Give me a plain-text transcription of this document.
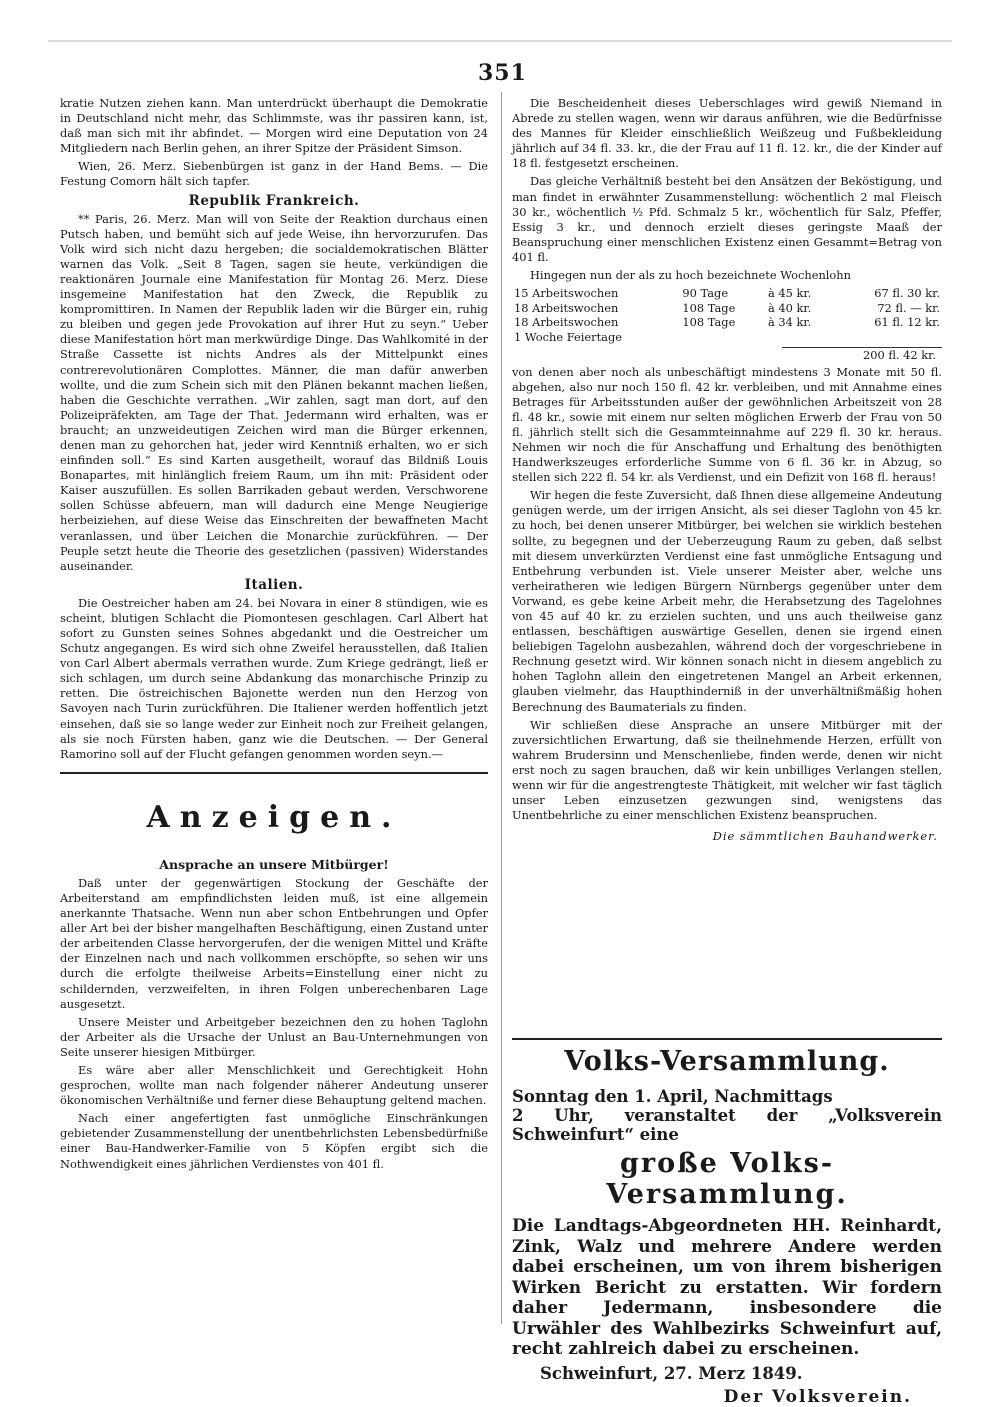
351

kratie Nutzen ziehen kann. Man unterdrückt überhaupt die Demokratie in Deutschland nicht mehr, das Schlimmste, was ihr passiren kann, ist, daß man sich mit ihr abfindet. — Morgen wird eine Deputation von 24 Mitgliedern nach Berlin gehen, an ihrer Spitze der Präsident Simson.

Wien, 26. Merz. Siebenbürgen ist ganz in der Hand Bems. — Die Festung Comorn hält sich tapfer.

Republik Frankreich.

** Paris, 26. Merz. Man will von Seite der Reaktion durchaus einen Putsch haben, und bemüht sich auf jede Weise, ihn hervorzurufen. Das Volk wird sich nicht dazu hergeben; die socialdemokratischen Blätter warnen das Volk. „Seit 8 Tagen, sagen sie heute, verkündigen die reaktionären Journale eine Manifestation für Montag 26. Merz. Diese insgemeine Manifestation hat den Zweck, die Republik zu kompromittiren. In Namen der Republik laden wir die Bürger ein, ruhig zu bleiben und gegen jede Provokation auf ihrer Hut zu seyn.“ Ueber diese Manifestation hört man merkwürdige Dinge. Das Wahlkomité in der Straße Cassette ist nichts Andres als der Mittelpunkt eines contrerevolutionären Complottes. Männer, die man dafür anwerben wollte, und die zum Schein sich mit den Plänen bekannt machen ließen, haben die Geschichte verrathen. „Wir zahlen, sagt man dort, auf den Polizeipräfekten, am Tage der That. Jedermann wird erhalten, was er braucht; an unzweideutigen Zeichen wird man die Bürger erkennen, denen man zu gehorchen hat, jeder wird Kenntniß erhalten, wo er sich einfinden soll.“ Es sind Karten ausgetheilt, worauf das Bildniß Louis Bonapartes, mit hinlänglich freiem Raum, um ihn mit: Präsident oder Kaiser auszufüllen. Es sollen Barrikaden gebaut werden, Verschworene sollen Schüsse abfeuern, man will dadurch eine Menge Neugierige herbeiziehen, auf diese Weise das Einschreiten der bewaffneten Macht veranlassen, und über Leichen die Monarchie zurückführen. — Der Peuple setzt heute die Theorie des gesetzlichen (passiven) Widerstandes auseinander.

Italien.

Die Oestreicher haben am 24. bei Novara in einer 8 stündigen, wie es scheint, blutigen Schlacht die Piomontesen geschlagen. Carl Albert hat sofort zu Gunsten seines Sohnes abgedankt und die Oestreicher um Schutz angegangen. Es wird sich ohne Zweifel herausstellen, daß Italien von Carl Albert abermals verrathen wurde. Zum Kriege gedrängt, ließ er sich schlagen, um durch seine Abdankung das monarchische Prinzip zu retten. Die östreichischen Bajonette werden nun den Herzog von Savoyen nach Turin zurückführen. Die Italiener werden hoffentlich jetzt einsehen, daß sie so lange weder zur Einheit noch zur Freiheit gelangen, als sie noch Fürsten haben, ganz wie die Deutschen. — Der General Ramorino soll auf der Flucht gefangen genommen worden seyn.—

Anzeigen.
Ansprache an unsere Mitbürger!

Daß unter der gegenwärtigen Stockung der Geschäfte der Arbeiterstand am empfindlichsten leiden muß, ist eine allgemein anerkannte Thatsache. Wenn nun aber schon Entbehrungen und Opfer aller Art bei der bisher mangelhaften Beschäftigung, einen Zustand unter der arbeitenden Classe hervorgerufen, der die wenigen Mittel und Kräfte der Einzelnen nach und nach vollkommen erschöpfte, so sehen wir uns durch die erfolgte theilweise Arbeits=Einstellung einer nicht zu schildernden, verzweifelten, in ihren Folgen unberechenbaren Lage ausgesetzt.

Unsere Meister und Arbeitgeber bezeichnen den zu hohen Taglohn der Arbeiter als die Ursache der Unlust an Bau-Unternehmungen von Seite unserer hiesigen Mitbürger.

Es wäre aber aller Menschlichkeit und Gerechtigkeit Hohn gesprochen, wollte man nach folgender näherer Andeutung unserer ökonomischen Verhältniße und ferner diese Behauptung geltend machen.

Nach einer angefertigten fast unmögliche Einschränkungen gebietender Zusammenstellung der unentbehrlichsten Lebensbedürfniße einer Bau-Handwerker-Familie von 5 Köpfen ergibt sich die Nothwendigkeit eines jährlichen Verdienstes von 401 fl.

Die Bescheidenheit dieses Ueberschlages wird gewiß Niemand in Abrede zu stellen wagen, wenn wir daraus anführen, wie die Bedürfnisse des Mannes für Kleider einschließlich Weißzeug und Fußbekleidung jährlich auf 34 fl. 33. kr., die der Frau auf 11 fl. 12. kr., die der Kinder auf 18 fl. festgesetzt erscheinen.

Das gleiche Verhältniß besteht bei den Ansätzen der Beköstigung, und man findet in erwähnter Zusammenstellung: wöchentlich 2 mal Fleisch 30 kr., wöchentlich ½ Pfd. Schmalz 5 kr., wöchentlich für Salz, Pfeffer, Essig 3 kr., und dennoch erzielt dieses geringste Maaß der Beanspruchung einer menschlichen Existenz einen Gesammt=Betrag von 401 fl.

Hingegen nun der als zu hoch bezeichnete Wochenlohn

15 Arbeitswochen	90 Tage	à 45 kr.	67 fl. 30 kr.
18 Arbeitswochen	108 Tage	à 40 kr.	72 fl. — kr.
18 Arbeitswochen	108 Tage	à 34 kr.	61 fl. 12 kr.
1 Woche Feiertage			
200 fl. 42 kr.

von denen aber noch als unbeschäftigt mindestens 3 Monate mit 50 fl. abgehen, also nur noch 150 fl. 42 kr. verbleiben, und mit Annahme eines Betrages für Arbeitsstunden außer der gewöhnlichen Arbeitszeit von 28 fl. 48 kr., sowie mit einem nur selten möglichen Erwerb der Frau von 50 fl. jährlich stellt sich die Gesammteinnahme auf 229 fl. 30 kr. heraus. Nehmen wir noch die für Anschaffung und Erhaltung des benöthigten Handwerkszeuges erforderliche Summe von 6 fl. 36 kr. in Abzug, so stellen sich 222 fl. 54 kr. als Verdienst, und ein Defizit von 168 fl. heraus!

Wir hegen die feste Zuversicht, daß Ihnen diese allgemeine Andeutung genügen werde, um der irrigen Ansicht, als sei dieser Taglohn von 45 kr. zu hoch, bei denen unserer Mitbürger, bei welchen sie wirklich bestehen sollte, zu begegnen und der Ueberzeugung Raum zu geben, daß selbst mit diesem unverkürzten Verdienst eine fast unmögliche Entsagung und Entbehrung verbunden ist. Viele unserer Meister aber, welche uns verheiratheren wie ledigen Bürgern Nürnbergs gegenüber unter dem Vorwand, es gebe keine Arbeit mehr, die Herabsetzung des Tagelohnes von 45 auf 40 kr. zu erzielen suchten, und uns auch theilweise ganz entlassen, beschäftigen auswärtige Gesellen, denen sie irgend einen beliebigen Tagelohn ausbezahlen, während doch der vorgeschriebene in Rechnung gesetzt wird. Wir können sonach nicht in diesem angeblich zu hohen Taglohn allein den eingetretenen Mangel an Arbeit erkennen, glauben vielmehr, das Haupthinderniß in der unverhältnißmäßig hohen Berechnung des Baumaterials zu finden.

Wir schließen diese Ansprache an unsere Mitbürger mit der zuversichtlichen Erwartung, daß sie theilnehmende Herzen, erfüllt von wahrem Brudersinn und Menschenliebe, finden werde, denen wir nicht erst noch zu sagen brauchen, daß wir kein unbilliges Verlangen stellen, wenn wir für die angestrengteste Thätigkeit, mit welcher wir fast täglich unser Leben einzusetzen gezwungen sind, wenigstens das Unentbehrliche zu einer menschlichen Existenz beanspruchen.

Die sämmtlichen Bauhandwerker.
Volks-Versammlung.

Sonntag den 1. April, Nachmittags

2 Uhr, veranstaltet der „Volksverein Schweinfurt“ eine

große Volks-Versammlung.

Die Landtags-Abgeordneten HH. Reinhardt, Zink, Walz und mehrere Andere werden dabei erscheinen, um von ihrem bisherigen Wirken Bericht zu erstatten. Wir fordern daher Jedermann, insbesondere die Urwähler des Wahlbezirks Schweinfurt auf, recht zahlreich dabei zu erscheinen.

Schweinfurt, 27. Merz 1849.
Der Volksverein.
